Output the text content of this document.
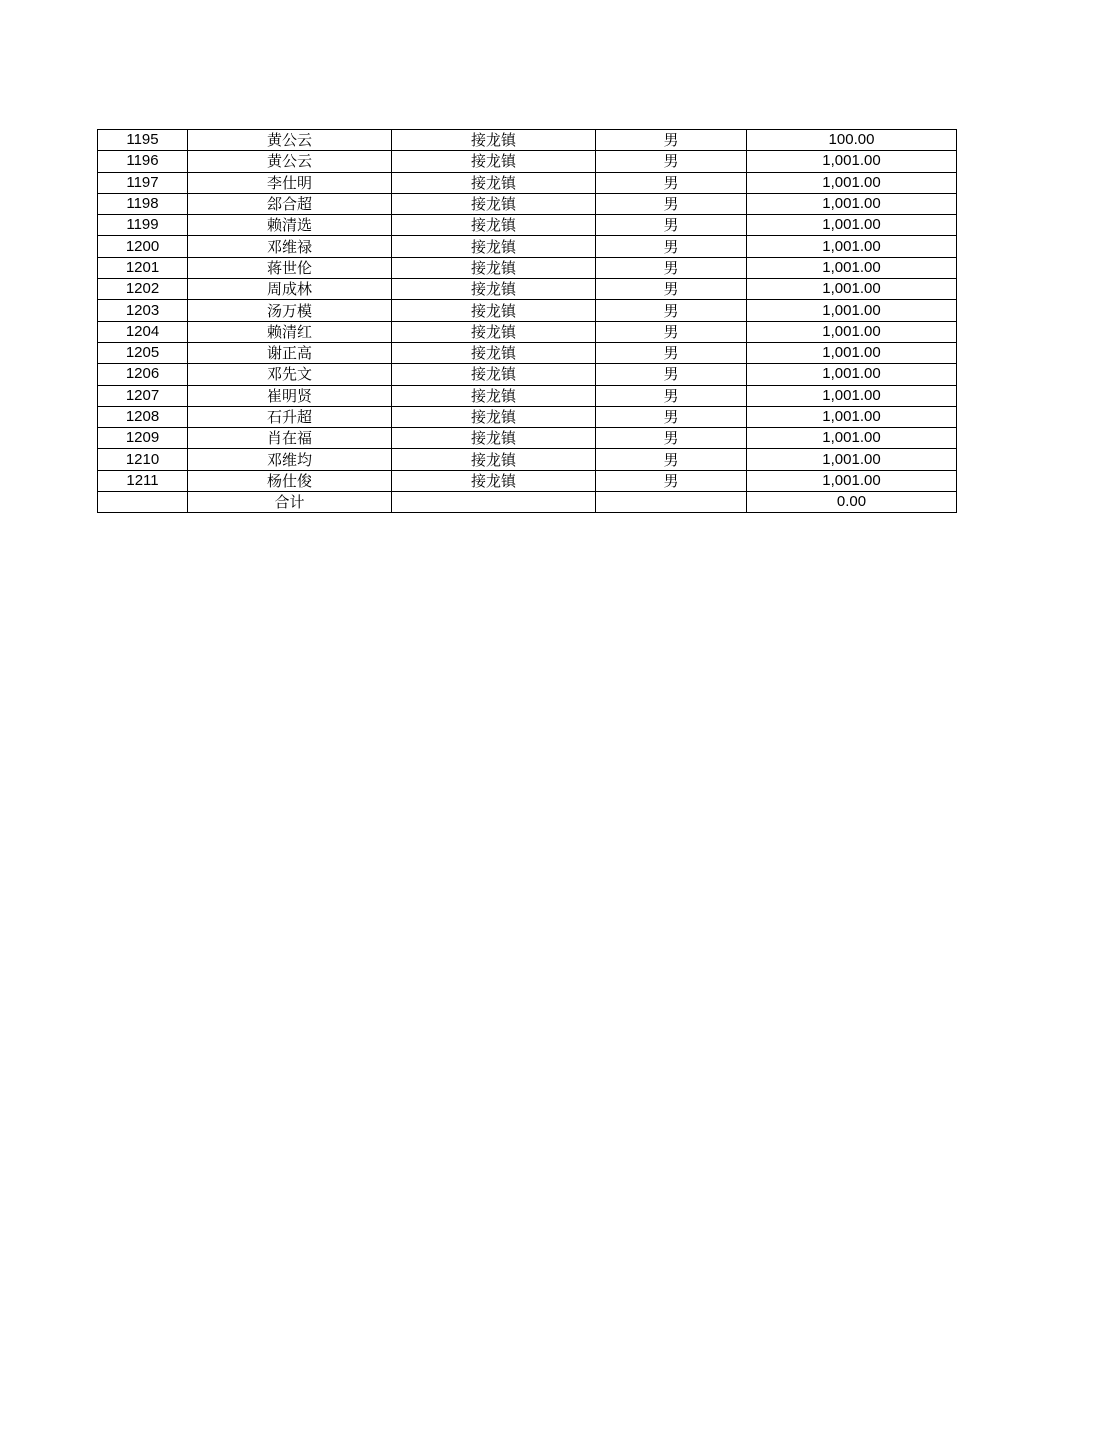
1195	黄公云	接龙镇	男	100.00
1196	黄公云	接龙镇	男	1,001.00
1197	李仕明	接龙镇	男	1,001.00
1198	郐合超	接龙镇	男	1,001.00
1199	赖清选	接龙镇	男	1,001.00
1200	邓维禄	接龙镇	男	1,001.00
1201	蒋世伦	接龙镇	男	1,001.00
1202	周成林	接龙镇	男	1,001.00
1203	汤万模	接龙镇	男	1,001.00
1204	赖清红	接龙镇	男	1,001.00
1205	谢正高	接龙镇	男	1,001.00
1206	邓先文	接龙镇	男	1,001.00
1207	崔明贤	接龙镇	男	1,001.00
1208	石升超	接龙镇	男	1,001.00
1209	肖在福	接龙镇	男	1,001.00
1210	邓维均	接龙镇	男	1,001.00
1211	杨仕俊	接龙镇	男	1,001.00
	合计			0.00
